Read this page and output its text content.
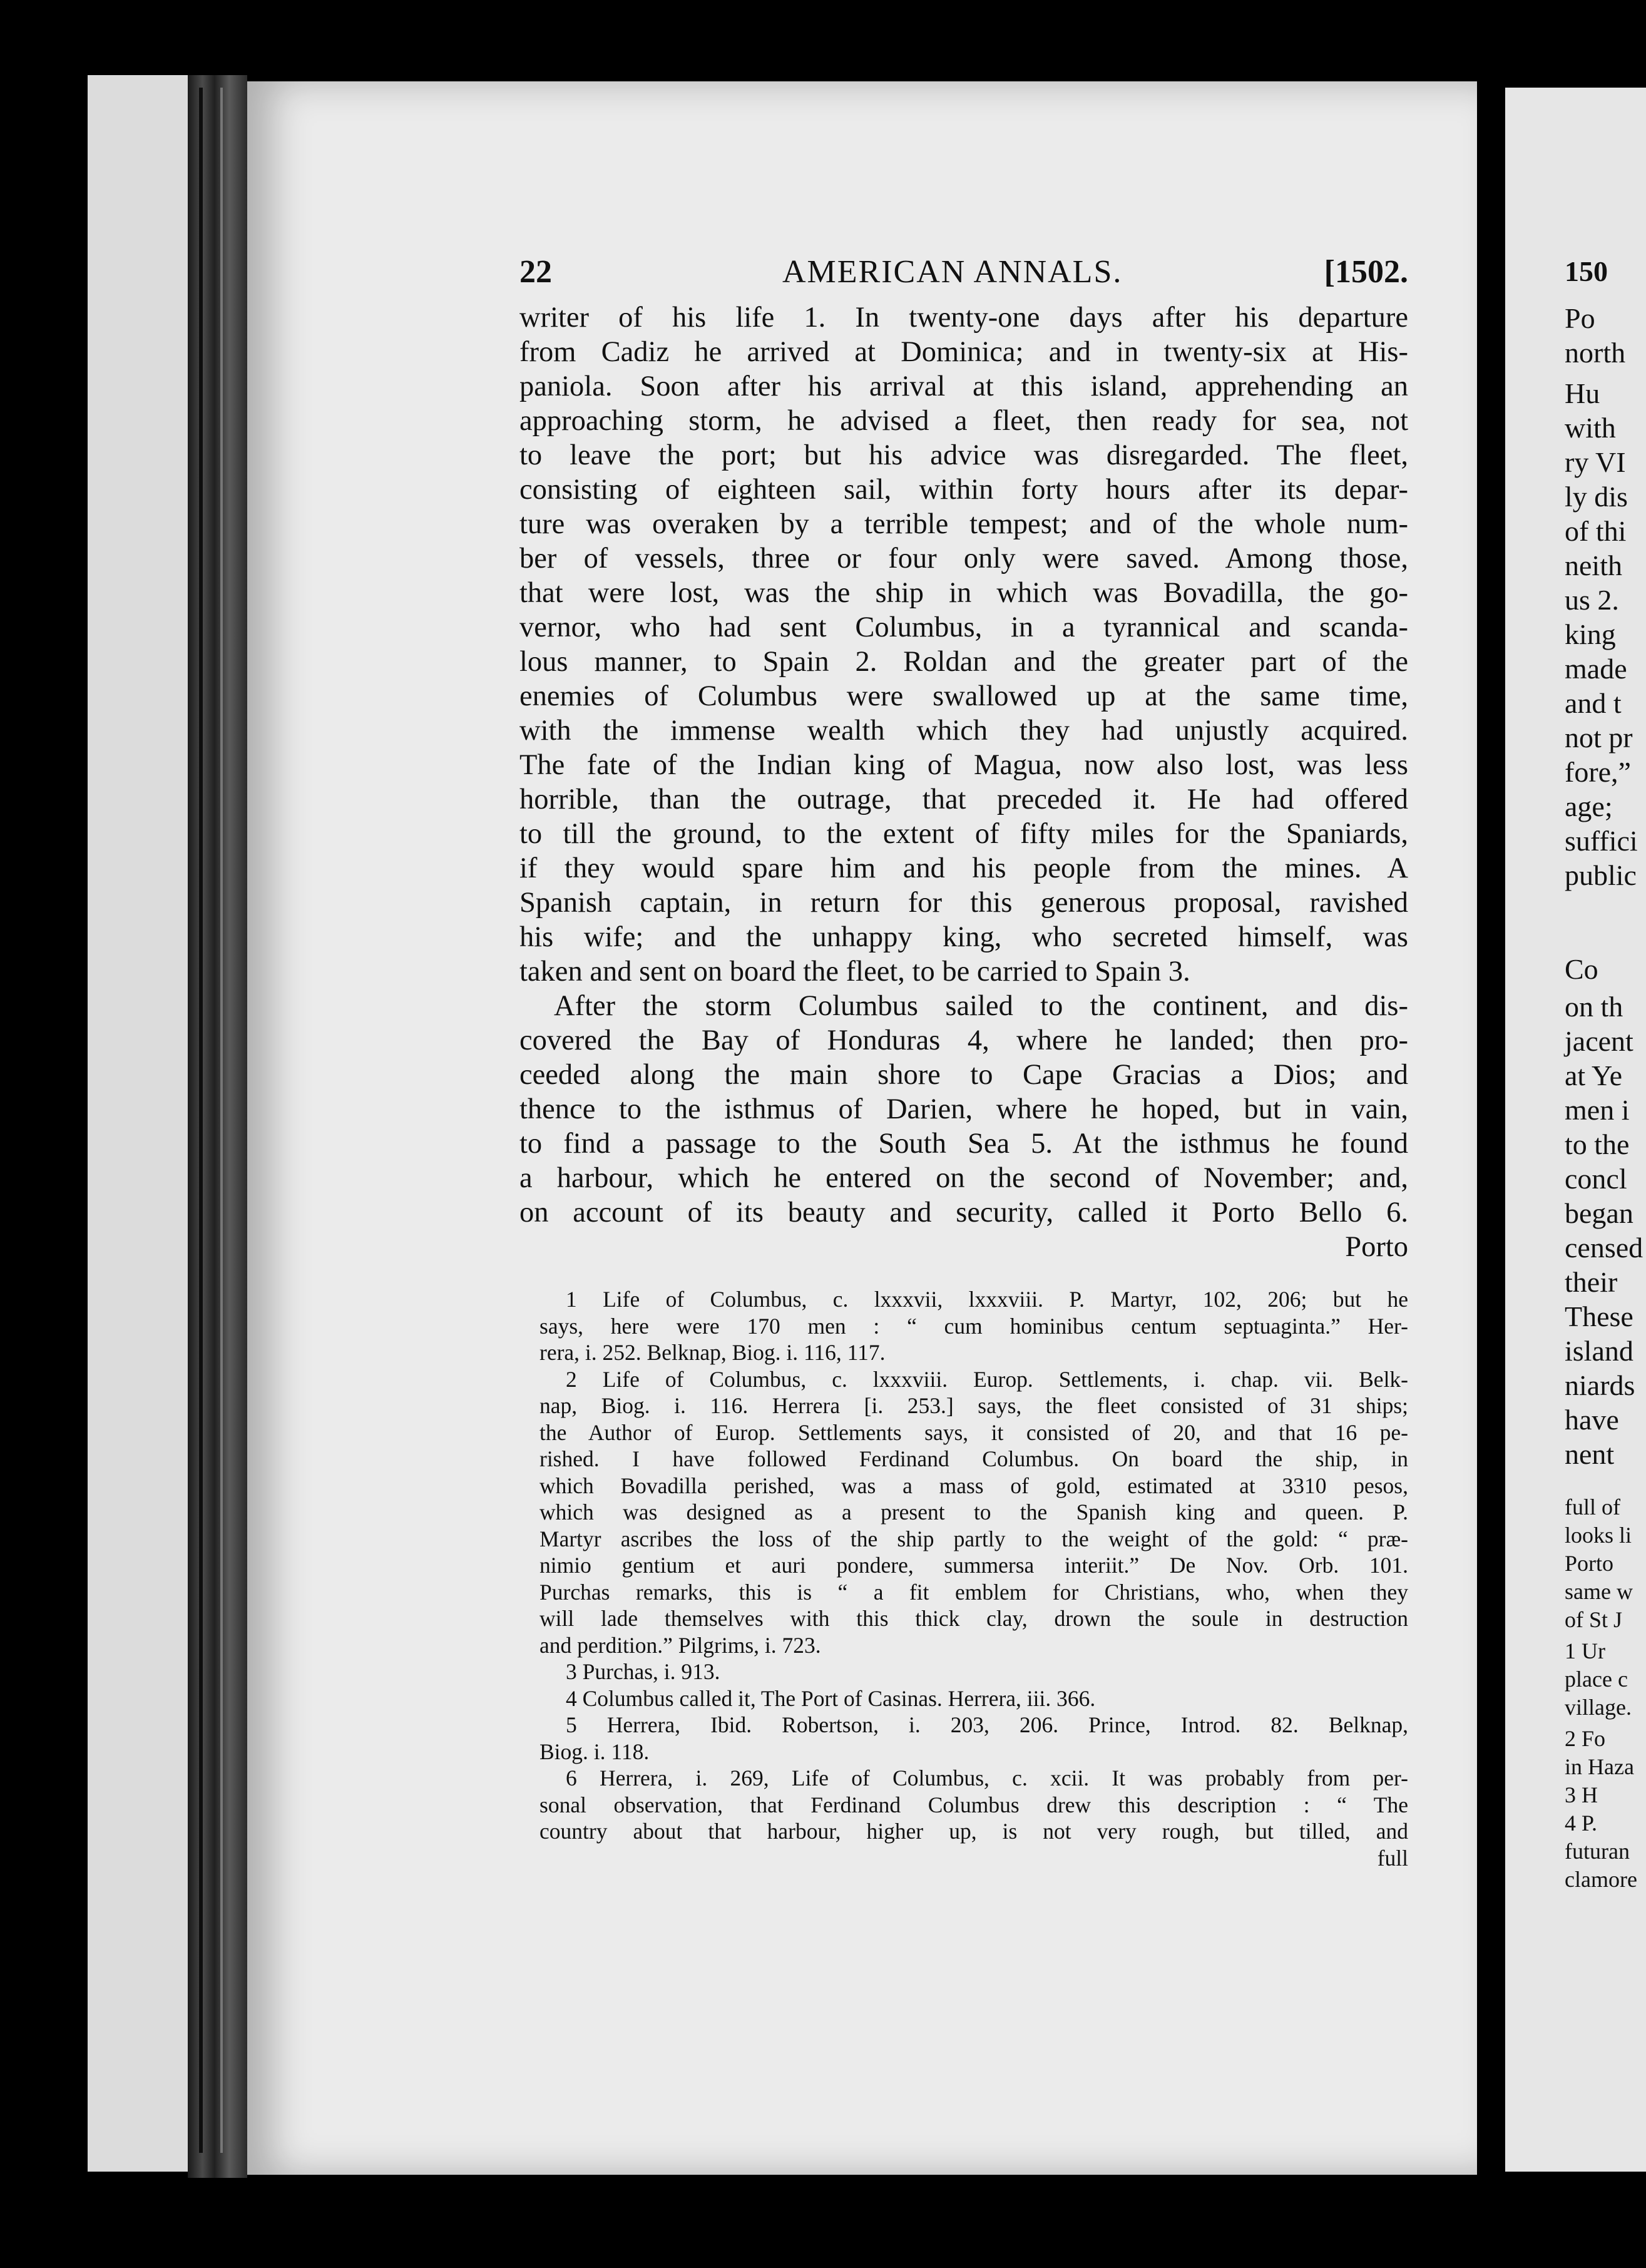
22	AMERICAN ANNALS.	[1502.
writer of his life 1. In twenty-one days after his departure
from Cadiz he arrived at Dominica; and in twenty-six at His-
paniola. Soon after his arrival at this island, apprehending an
approaching storm, he advised a fleet, then ready for sea, not
to leave the port; but his advice was disregarded. The fleet,
consisting of eighteen sail, within forty hours after its depar-
ture was overaken by a terrible tempest; and of the whole num-
ber of vessels, three or four only were saved. Among those,
that were lost, was the ship in which was Bovadilla, the go-
vernor, who had sent Columbus, in a tyrannical and scanda-
lous manner, to Spain 2. Roldan and the greater part of the
enemies of Columbus were swallowed up at the same time,
with the immense wealth which they had unjustly acquired.
The fate of the Indian king of Magua, now also lost, was less
horrible, than the outrage, that preceded it. He had offered
to till the ground, to the extent of fifty miles for the Spaniards,
if they would spare him and his people from the mines. A
Spanish captain, in return for this generous proposal, ravished
his wife; and the unhappy king, who secreted himself, was
taken and sent on board the fleet, to be carried to Spain 3.
After the storm Columbus sailed to the continent, and dis-
covered the Bay of Honduras 4, where he landed; then pro-
ceeded along the main shore to Cape Gracias a Dios; and
thence to the isthmus of Darien, where he hoped, but in vain,
to find a passage to the South Sea 5. At the isthmus he found
a harbour, which he entered on the second of November; and,
on account of its beauty and security, called it Porto Bello 6.
Porto
1 Life of Columbus, c. lxxxvii, lxxxviii. P. Martyr, 102, 206; but he
says, here were 170 men : “ cum hominibus centum septuaginta.” Her-
rera, i. 252. Belknap, Biog. i. 116, 117.
2 Life of Columbus, c. lxxxviii. Europ. Settlements, i. chap. vii. Belk-
nap, Biog. i. 116. Herrera [i. 253.] says, the fleet consisted of 31 ships;
the Author of Europ. Settlements says, it consisted of 20, and that 16 pe-
rished. I have followed Ferdinand Columbus. On board the ship, in
which Bovadilla perished, was a mass of gold, estimated at 3310 pesos,
which was designed as a present to the Spanish king and queen. P.
Martyr ascribes the loss of the ship partly to the weight of the gold: “ præ-
nimio gentium et auri pondere, summersa interiit.” De Nov. Orb. 101.
Purchas remarks, this is “ a fit emblem for Christians, who, when they
will lade themselves with this thick clay, drown the soule in destruction
and perdition.” Pilgrims, i. 723.
3 Purchas, i. 913.
4 Columbus called it, The Port of Casinas. Herrera, iii. 366.
5 Herrera, Ibid. Robertson, i. 203, 206. Prince, Introd. 82. Belknap,
Biog. i. 118.
6 Herrera, i. 269, Life of Columbus, c. xcii. It was probably from per-
sonal observation, that Ferdinand Columbus drew this description : “ The
country about that harbour, higher up, is not very rough, but tilled, and
full
150
Po
north
Hu
with
ry VI
ly dis
of thi
neith
us 2.
king
made
and t
not pr
fore,”
age;
suffici
public
Co
on th
jacent
at Ye
men i
to the
concl
began
censed
their
These
island
niards
have
nent
full of
looks li
Porto
same w
of St J
1 Ur
place c
village.
2 Fo
in Haza
3 H
4 P.
futuran
clamore
